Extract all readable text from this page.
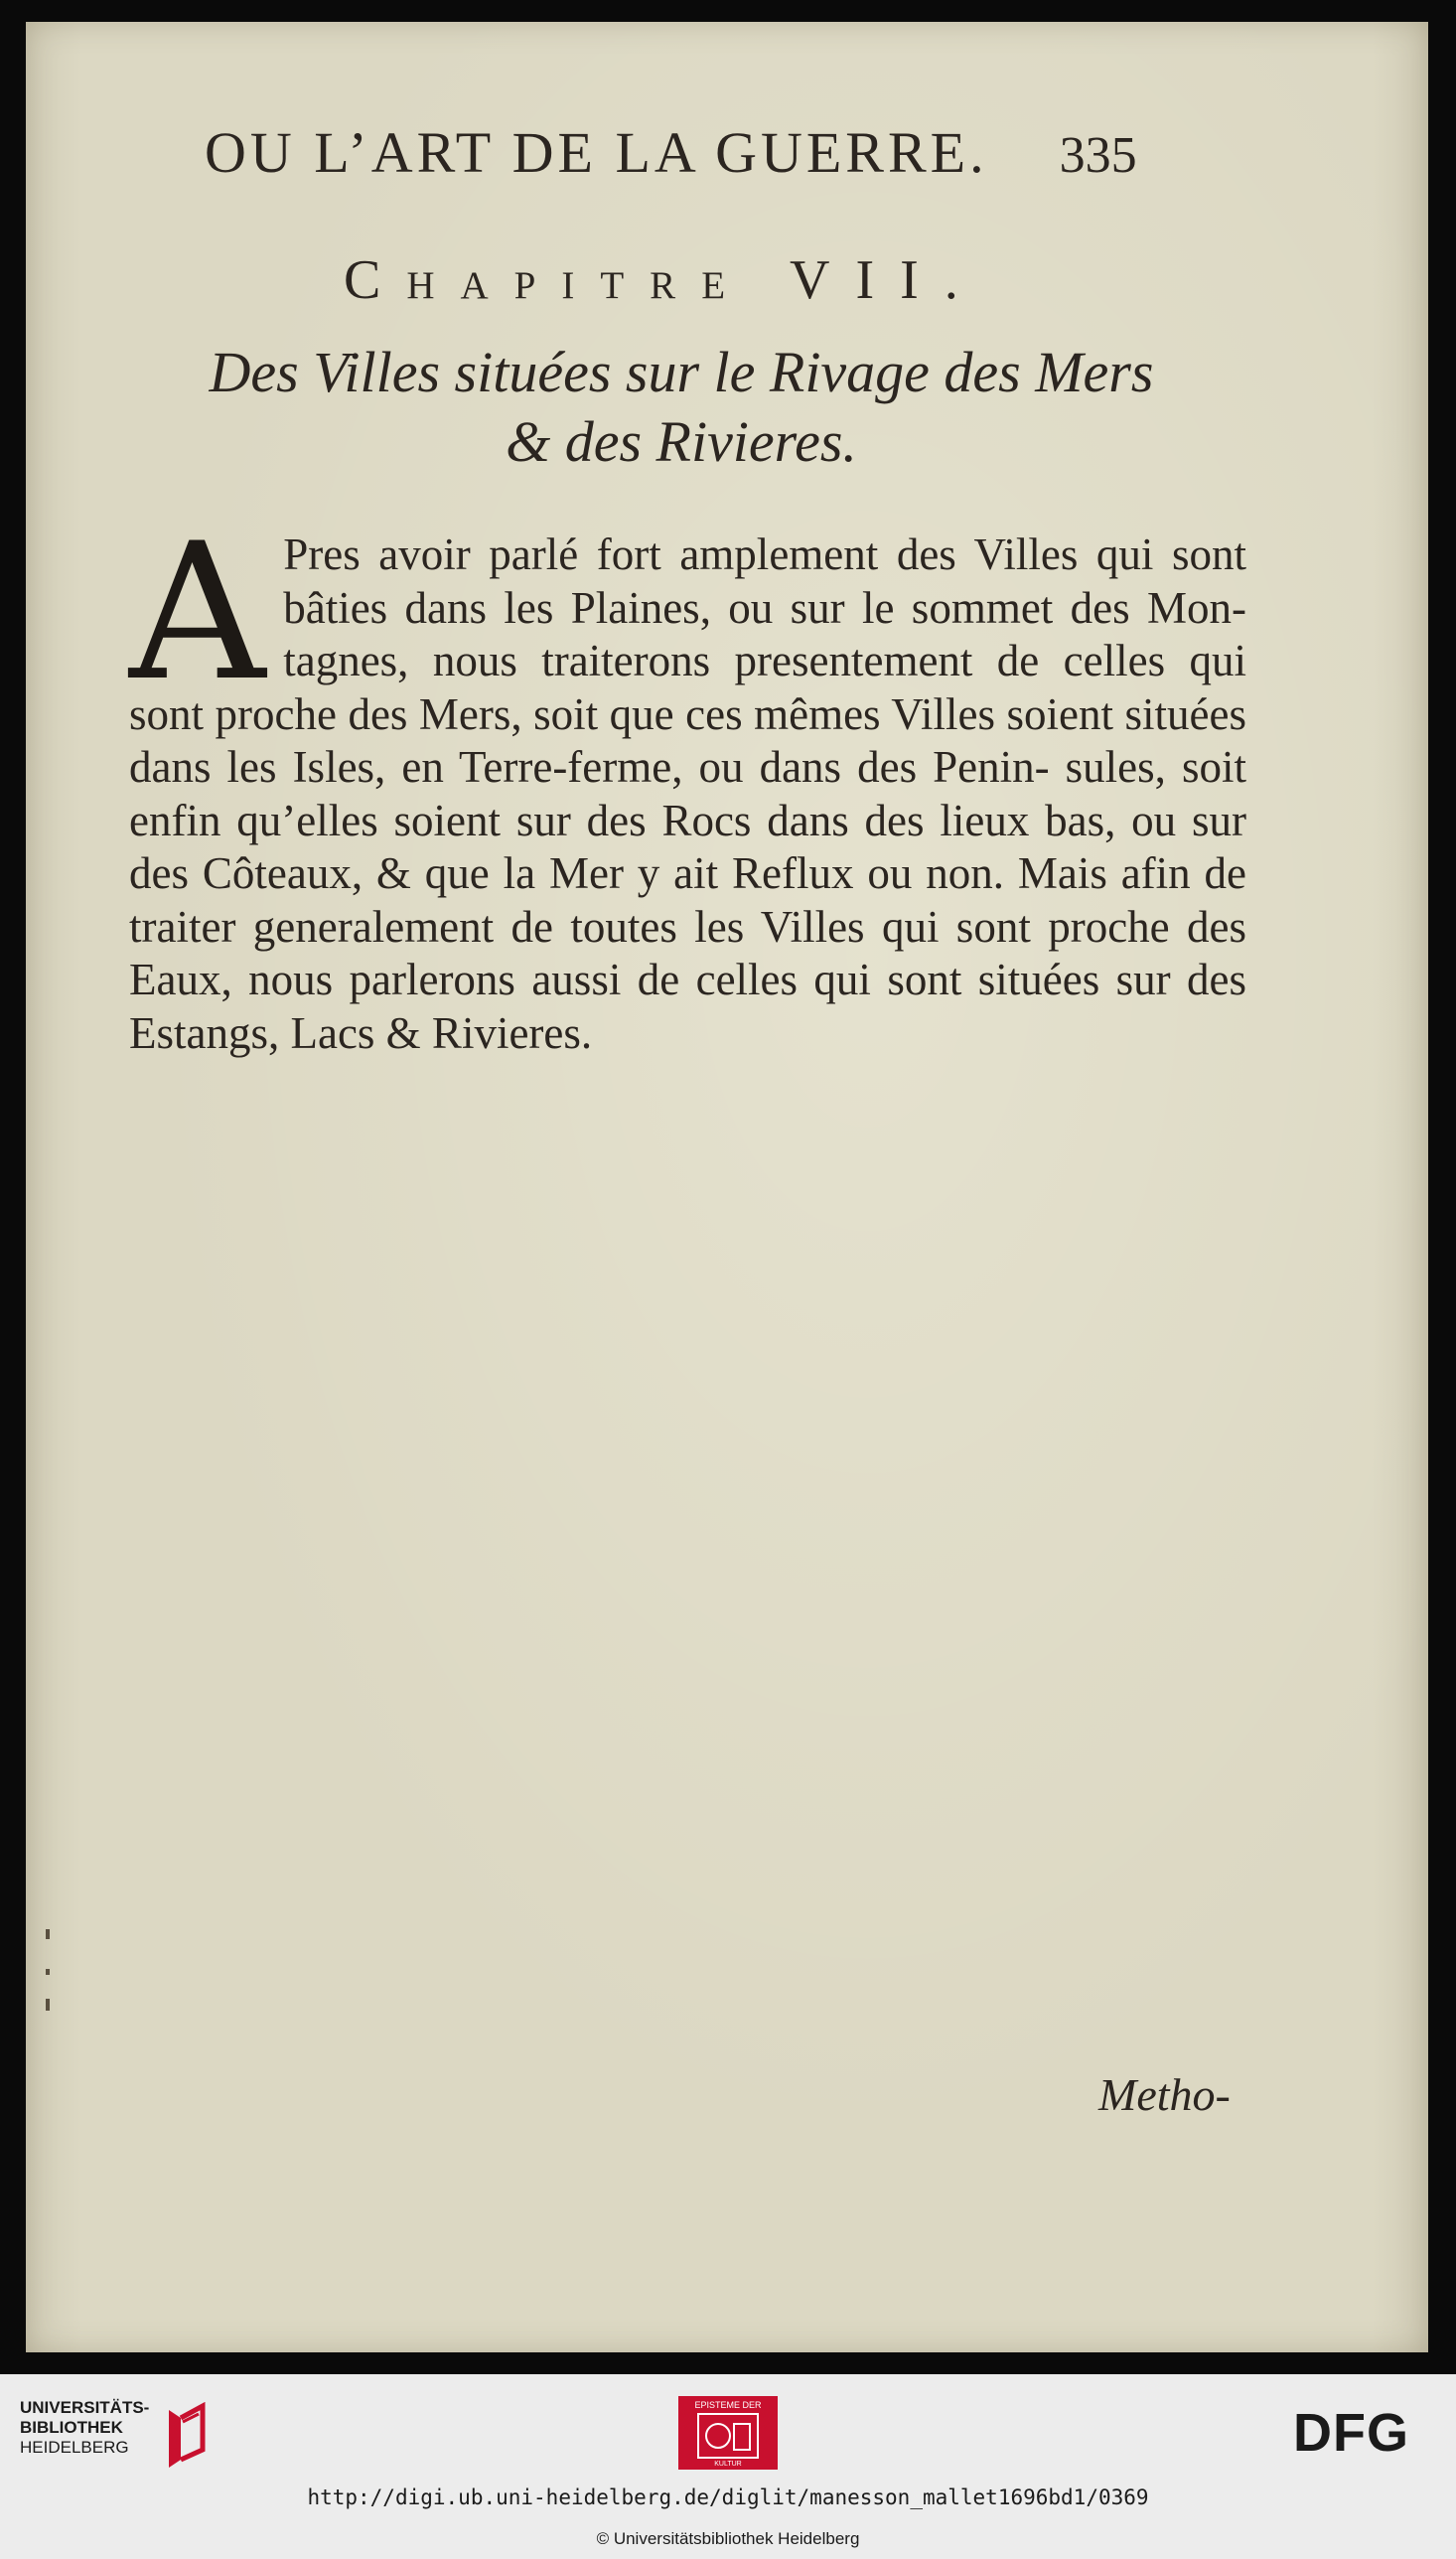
OU L’ART DE LA GUERRE. 335
Chapitre VII.
Des Villes situées sur le Rivage des Mers
& des Rivieres.
A Pres avoir parlé fort amplement des Villes qui sont bâties dans les Plaines, ou sur le sommet des Mon- tagnes, nous traiterons presentement de celles qui sont proche des Mers, soit que ces mêmes Villes soient situées dans les Isles, en Terre-ferme, ou dans des Penin- sules, soit enfin qu’elles soient sur des Rocs dans des lieux bas, ou sur des Côteaux, & que la Mer y ait Reflux ou non. Mais afin de traiter generalement de toutes les Villes qui sont proche des Eaux, nous parlerons aussi de celles qui sont situées sur des Estangs, Lacs & Rivieres.
Metho-
UNIVERSITÄTS-
BIBLIOTHEK
HEIDELBERG
EPISTEME DER
KULTUR
DFG
http://digi.ub.uni-heidelberg.de/diglit/manesson_mallet1696bd1/0369
© Universitätsbibliothek Heidelberg
